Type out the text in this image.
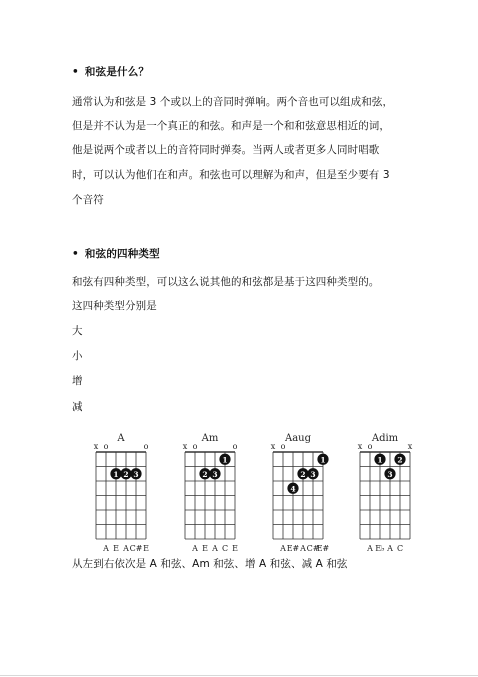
• 和弦是什么？
通常认为和弦是 3 个或以上的音同时弹响。两个音也可以组成和弦，
但是并不认为是一个真正的和弦。和声是一个和和弦意思相近的词，
他是说两个或者以上的音符同时弹奏。当两人或者更多人同时唱歌
时，可以认为他们在和声。和弦也可以理解为和声，但是至少要有 3
个音符
• 和弦的四种类型
和弦有四种类型，可以这么说其他的和弦都是基于这四种类型的。
这四种类型分别是
大
小
增
减
A
x o	o
1 2 3
A E A C# E
Am
x o	o
1
2 3
A E A C E
Aaug
x o
1
2 3
4
A E# A C#
E#
Adim
x o	x
1 2
3
A E♭ A C
从左到右依次是 A 和弦、Am 和弦、增 A 和弦、减 A 和弦
